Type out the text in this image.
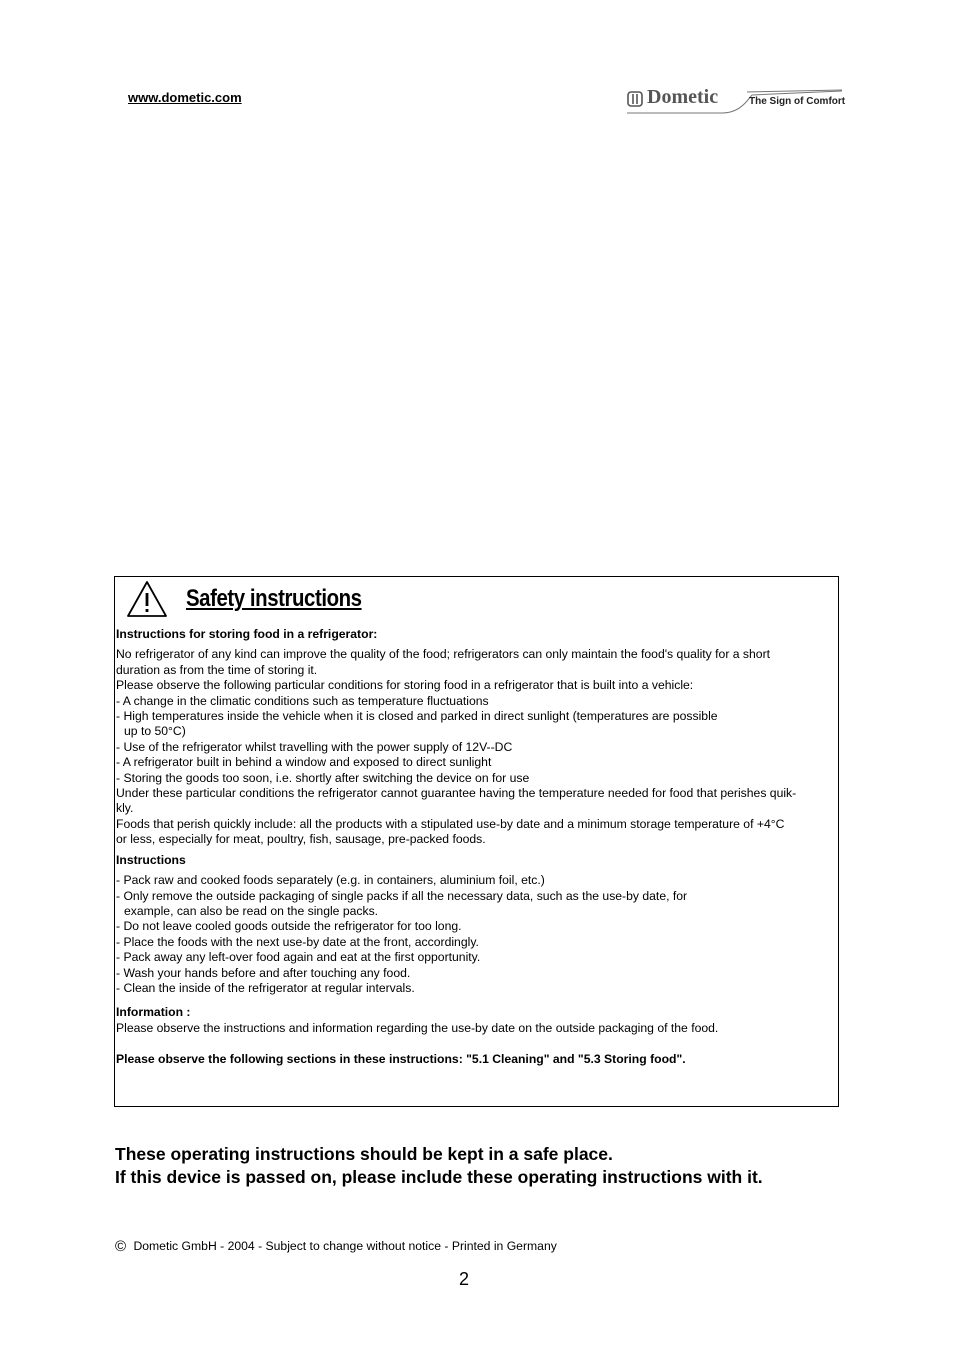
www.dometic.com	Dometic	The Sign of Comfort
Safety instructions

Instructions for storing food in a refrigerator:

No refrigerator of any kind can improve the quality of the food; refrigerators can only maintain the food's quality for a short

duration as from the time of storing it.

Please observe the following particular conditions for storing food in a refrigerator that is built into a vehicle:

- A change in the climatic conditions such as temperature fluctuations

- High temperatures inside the vehicle when it is closed and parked in direct sunlight (temperatures are possible

up to 50°C)

- Use of the refrigerator whilst travelling with the power supply of 12V--DC

- A refrigerator built in behind a window and exposed to direct sunlight

- Storing the goods too soon, i.e. shortly after switching the device on for use

Under these particular conditions the refrigerator cannot guarantee having the temperature needed for food that perishes quik-

kly.

Foods that perish quickly include: all the products with a stipulated use-by date and a minimum storage temperature of +4°C

or less, especially for meat, poultry, fish, sausage, pre-packed foods.

Instructions

- Pack raw and cooked foods separately (e.g. in containers, aluminium foil, etc.)

- Only remove the outside packaging of single packs if all the necessary data, such as the use-by date, for

example, can also be read on the single packs.

- Do not leave cooled goods outside the refrigerator for too long.

- Place the foods with the next use-by date at the front, accordingly.

- Pack away any left-over food again and eat at the first opportunity.

- Wash your hands before and after touching any food.

- Clean the inside of the refrigerator at regular intervals.

Information :

Please observe the instructions and information regarding the use-by date on the outside packaging of the food.

Please observe the following sections in these instructions: "5.1 Cleaning" and "5.3 Storing food".

These operating instructions should be kept in a safe place.
If this device is passed on, please include these operating instructions with it.
© Dometic GmbH - 2004 - Subject to change without notice - Printed in Germany
2
